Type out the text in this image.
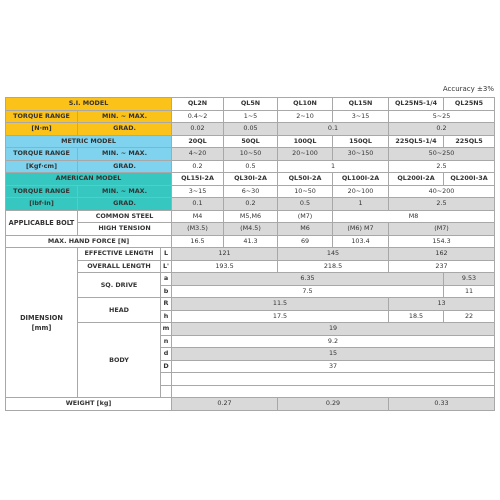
Accuracy ±3%
S.I. MODEL			QL2N	QL5N	QL10N	QL15N	QL25N5-1/4	QL25N5
TORQUE RANGE	MIN. ~ MAX.		0.4~2	1~5	2~10	3~15	5~25	
[N·m]	GRAD.		0.02	0.05	0.1		0.2	
METRIC MODEL			20QL	50QL	100QL	150QL	225QL5-1/4	225QL5
TORQUE RANGE	MIN. ~ MAX.		4~20	10~50	20~100	30~150	50~250	
[Kgf·cm]	GRAD.		0.2	0.5	1		2.5	
AMERICAN MODEL			QL15I-2A	QL30I-2A	QL50I-2A	QL100I-2A	QL200I-2A	QL200I-3A
TORQUE RANGE	MIN. ~ MAX.		3~15	6~30	10~50	20~100	40~200	
[lbf·in]	GRAD.		0.1	0.2	0.5	1	2.5	
APPLICABLE BOLT	COMMON STEEL		M4	M5,M6	(M7)	M8		
	HIGH TENSION		(M3.5)	(M4.5)	M6	(M6) M7	(M7)	
MAX. HAND FORCE [N]			16.5	41.3	69	103.4	154.3	
DIMENSION
[mm]	EFFECTIVE LENGTH	L	121		145		162	
	OVERALL LENGTH	L'	193.5		218.5		237	
	SQ. DRIVE	a	6.35					9.53
		b	7.5					11
	HEAD	R	11.5				13	
		h	17.5				18.5	22
	BODY	m	19					
		n	9.2					
		d	15					
		D	37					

WEIGHT [kg]			0.27		0.29		0.33	
